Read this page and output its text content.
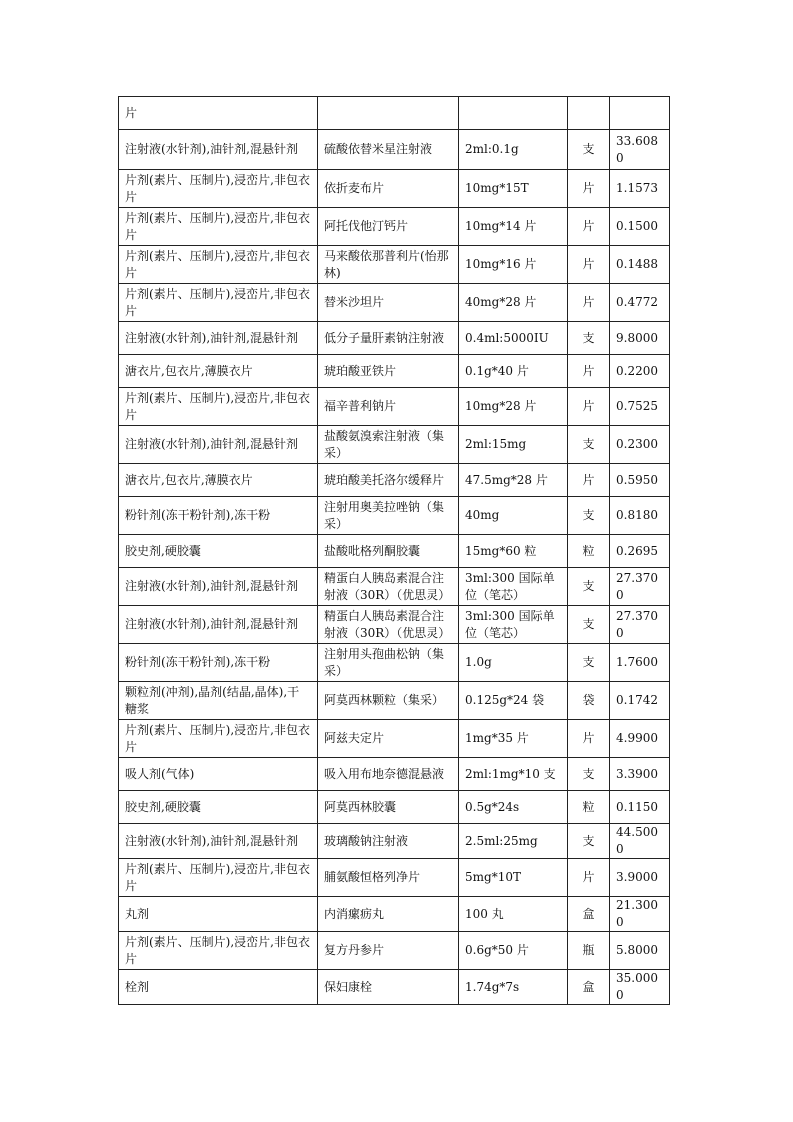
片				
注射液(水针剂),油针剂,混悬针剂	硫酸依替米星注射液	2ml:0.1g	支	33.6080
片剂(素片、压制片),浸峦片,非包衣片	依折麦布片	10mg*15T	片	1.1573
片剂(素片、压制片),浸峦片,非包衣片	阿托伐他汀钙片	10mg*14 片	片	0.1500
片剂(素片、压制片),浸峦片,非包衣片	马来酸依那普利片(怡那林)	10mg*16 片	片	0.1488
片剂(素片、压制片),浸峦片,非包衣片	替米沙坦片	40mg*28 片	片	0.4772
注射液(水针剂),油针剂,混悬针剂	低分子量肝素钠注射液	0.4ml:5000IU	支	9.8000
溏衣片,包衣片,薄膜衣片	琥珀酸亚铁片	0.1g*40 片	片	0.2200
片剂(素片、压制片),浸峦片,非包衣片	福辛普利钠片	10mg*28 片	片	0.7525
注射液(水针剂),油针剂,混悬针剂	盐酸氨溴索注射液（集采）	2ml:15mg	支	0.2300
溏衣片,包衣片,薄膜衣片	琥珀酸美托洛尔缓释片	47.5mg*28 片	片	0.5950
粉针剂(冻干粉针剂),冻干粉	注射用奥美拉唑钠（集采）	40mg	支	0.8180
胶史剂,硬胶囊	盐酸吡格列酮胶囊	15mg*60 粒	粒	0.2695
注射液(水针剂),油针剂,混悬针剂	精蛋白人胰岛素混合注射液（30R）（优思灵）	3ml:300 国际单位（笔芯）	支	27.3700
注射液(水针剂),油针剂,混悬针剂	精蛋白人胰岛素混合注射液（30R）（优思灵）	3ml:300 国际单位（笔芯）	支	27.3700
粉针剂(冻干粉针剂),冻干粉	注射用头孢曲松钠（集采）	1.0g	支	1.7600
颗粒剂(冲剂),晶剂(结晶,晶体),干糖浆	阿莫西林颗粒（集采）	0.125g*24 袋	袋	0.1742
片剂(素片、压制片),浸峦片,非包衣片	阿兹夫定片	1mg*35 片	片	4.9900
吸人剂(气体)	吸入用布地奈德混悬液	2ml:1mg*10 支	支	3.3900
胶史剂,硬胶囊	阿莫西林胶囊	0.5g*24s	粒	0.1150
注射液(水针剂),油针剂,混悬针剂	玻璃酸钠注射液	2.5ml:25mg	支	44.5000
片剂(素片、压制片),浸峦片,非包衣片	脯氨酸恒格列净片	5mg*10T	片	3.9000
丸剂	内消瘰疬丸	100 丸	盒	21.3000
片剂(素片、压制片),浸峦片,非包衣片	复方丹参片	0.6g*50 片	瓶	5.8000
栓剂	保妇康栓	1.74g*7s	盒	35.0000
